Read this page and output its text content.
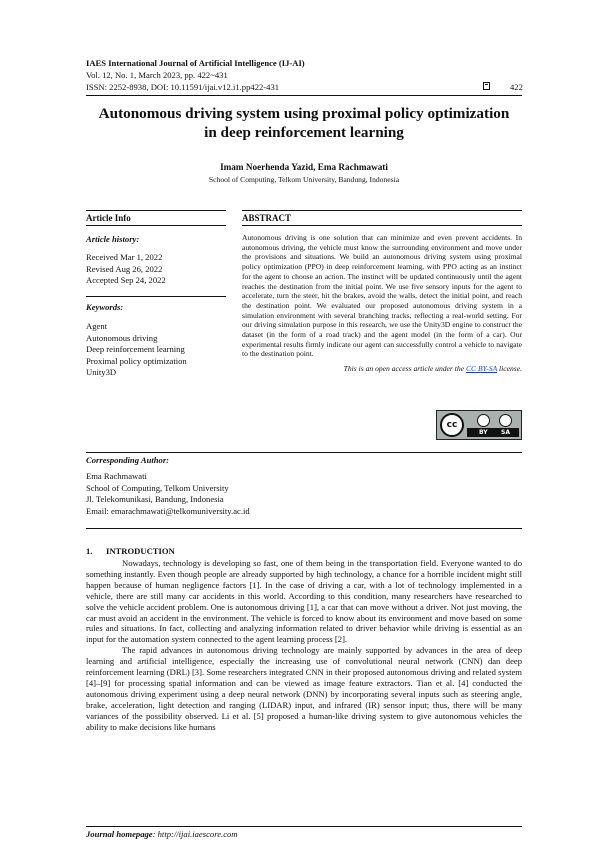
IAES International Journal of Artificial Intelligence (IJ-AI)
Vol. 12, No. 1, March 2023, pp. 422~431
ISSN: 2252-8938, DOI: 10.11591/ijai.v12.i1.pp422-431	422
Autonomous driving system using proximal policy optimization
in deep reinforcement learning
Imam Noerhenda Yazid, Ema Rachmawati
School of Computing, Telkom University, Bandung, Indonesia
Article Info
Article history:
Received Mar 1, 2022
Revised Aug 26, 2022
Accepted Sep 24, 2022
Keywords:
Agent
Autonomous driving
Deep reinforcement learning
Proximal policy optimization
Unity3D
ABSTRACT
Autonomous driving is one solution that can minimize and even prevent accidents. In autonomous driving, the vehicle must know the surrounding environment and move under the provisions and situations. We build an autonomous driving system using proximal policy optimization (PPO) in deep reinforcement learning, with PPO acting as an instinct for the agent to choose an action. The instinct will be updated continuously until the agent reaches the destination from the initial point. We use five sensory inputs for the agent to accelerate, turn the steer, hit the brakes, avoid the walls, detect the initial point, and reach the destination point. We evaluated our proposed autonomous driving system in a simulation environment with several branching tracks, reflecting a real-world setting. For our driving simulation purpose in this research, we use the Unity3D engine to construct the dataset (in the form of a road track) and the agent model (in the form of a car). Our experimental results firmly indicate our agent can successfully control a vehicle to navigate to the destination point.
This is an open access article under the CC BY-SA license.
cc
BY SA
Corresponding Author:
Ema Rachmawati
School of Computing, Telkom University
Jl. Telekomunikasi, Bandung, Indonesia
Email: emarachmawati@telkomuniversity.ac.id
1. INTRODUCTION

Nowadays, technology is developing so fast, one of them being in the transportation field. Everyone wanted to do something instantly. Even though people are already supported by high technology, a chance for a horrible incident might still happen because of human negligence factors [1]. In the case of driving a car, with a lot of technology implemented in a vehicle, there are still many car accidents in this world. According to this condition, many researchers have researched to solve the vehicle accident problem. One is autonomous driving [1], a car that can move without a driver. Not just moving, the car must avoid an accident in the environment. The vehicle is forced to know about its environment and move based on some rules and situations. In fact, collecting and analyzing information related to driver behavior while driving is essential as an input for the automation system connected to the agent learning process [2].

The rapid advances in autonomous driving technology are mainly supported by advances in the area of deep learning and artificial intelligence, especially the increasing use of convolutional neural network (CNN) dan deep reinforcement learning (DRL) [3]. Some researchers integrated CNN in their proposed autonomous driving and related system [4]–[9] for processing spatial information and can be viewed as image feature extractors. Tian et al. [4] conducted the autonomous driving experiment using a deep neural network (DNN) by incorporating several inputs such as steering angle, brake, acceleration, light detection and ranging (LIDAR) input, and infrared (IR) sensor input; thus, there will be many variances of the possibility observed. Li et al. [5] proposed a human-like driving system to give autonomous vehicles the ability to make decisions like humans

Journal homepage: http://ijai.iaescore.com
